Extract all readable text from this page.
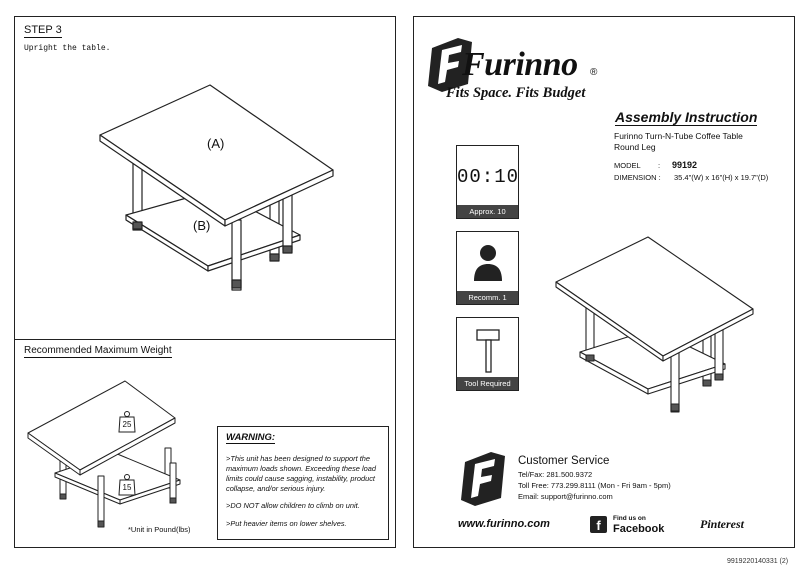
STEP 3
Upright the table.
(A)
(B)
Recommended Maximum Weight
25
15
*Unit in Pound(lbs)
WARNING:
>This unit has been designed to support the maximum loads shown. Exceeding these load limits could cause sagging, instability, product collapse, and/or serious injury.
>DO NOT allow children to climb on unit.
>Put heavier items on lower shelves.
Furinno ®
Fits Space. Fits Budget
Assembly Instruction
Furinno Turn-N-Tube Coffee Table
Round Leg
MODEL : 99192
DIMENSION : 35.4"(W) x 16"(H) x 19.7"(D)
00:10
Approx. 10 minutes
Recomm. 1 Person
Tool Required
Customer Service
Tel/Fax: 281.500.9372
Toll Free: 773.299.8111 (Mon - Fri 9am - 5pm)
Email: support@furinno.com
www.furinno.com	f	Find us on
Facebook	Pinterest
9919220140331 (2)
